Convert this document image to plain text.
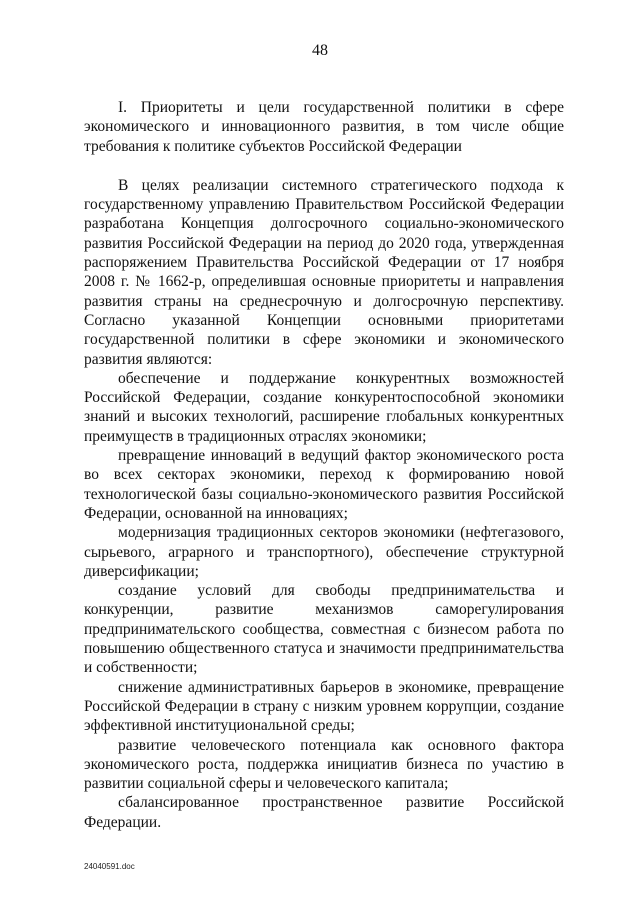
48

I. Приоритеты и цели государственной политики в сфере экономического и инновационного развития, в том числе общие требования к политике субъектов Российской Федерации

В целях реализации системного стратегического подхода к государственному управлению Правительством Российской Федерации разработана Концепция долгосрочного социально-экономического развития Российской Федерации на период до 2020 года, утвержденная распоряжением Правительства Российской Федерации от 17 ноября 2008 г. № 1662-р, определившая основные приоритеты и направления развития страны на среднесрочную и долгосрочную перспективу. Согласно указанной Концепции основными приоритетами государственной политики в сфере экономики и экономического развития являются:

обеспечение и поддержание конкурентных возможностей Российской Федерации, создание конкурентоспособной экономики знаний и высоких технологий, расширение глобальных конкурентных преимуществ в традиционных отраслях экономики;

превращение инноваций в ведущий фактор экономического роста во всех секторах экономики, переход к формированию новой технологической базы социально-экономического развития Российской Федерации, основанной на инновациях;

модернизация традиционных секторов экономики (нефтегазового, сырьевого, аграрного и транспортного), обеспечение структурной диверсификации;

создание условий для свободы предпринимательства и конкуренции, развитие механизмов саморегулирования предпринимательского сообщества, совместная с бизнесом работа по повышению общественного статуса и значимости предпринимательства и собственности;

снижение административных барьеров в экономике, превращение Российской Федерации в страну с низким уровнем коррупции, создание эффективной институциональной среды;

развитие человеческого потенциала как основного фактора экономического роста, поддержка инициатив бизнеса по участию в развитии социальной сферы и человеческого капитала;

сбалансированное пространственное развитие Российской Федерации.

24040591.doc
